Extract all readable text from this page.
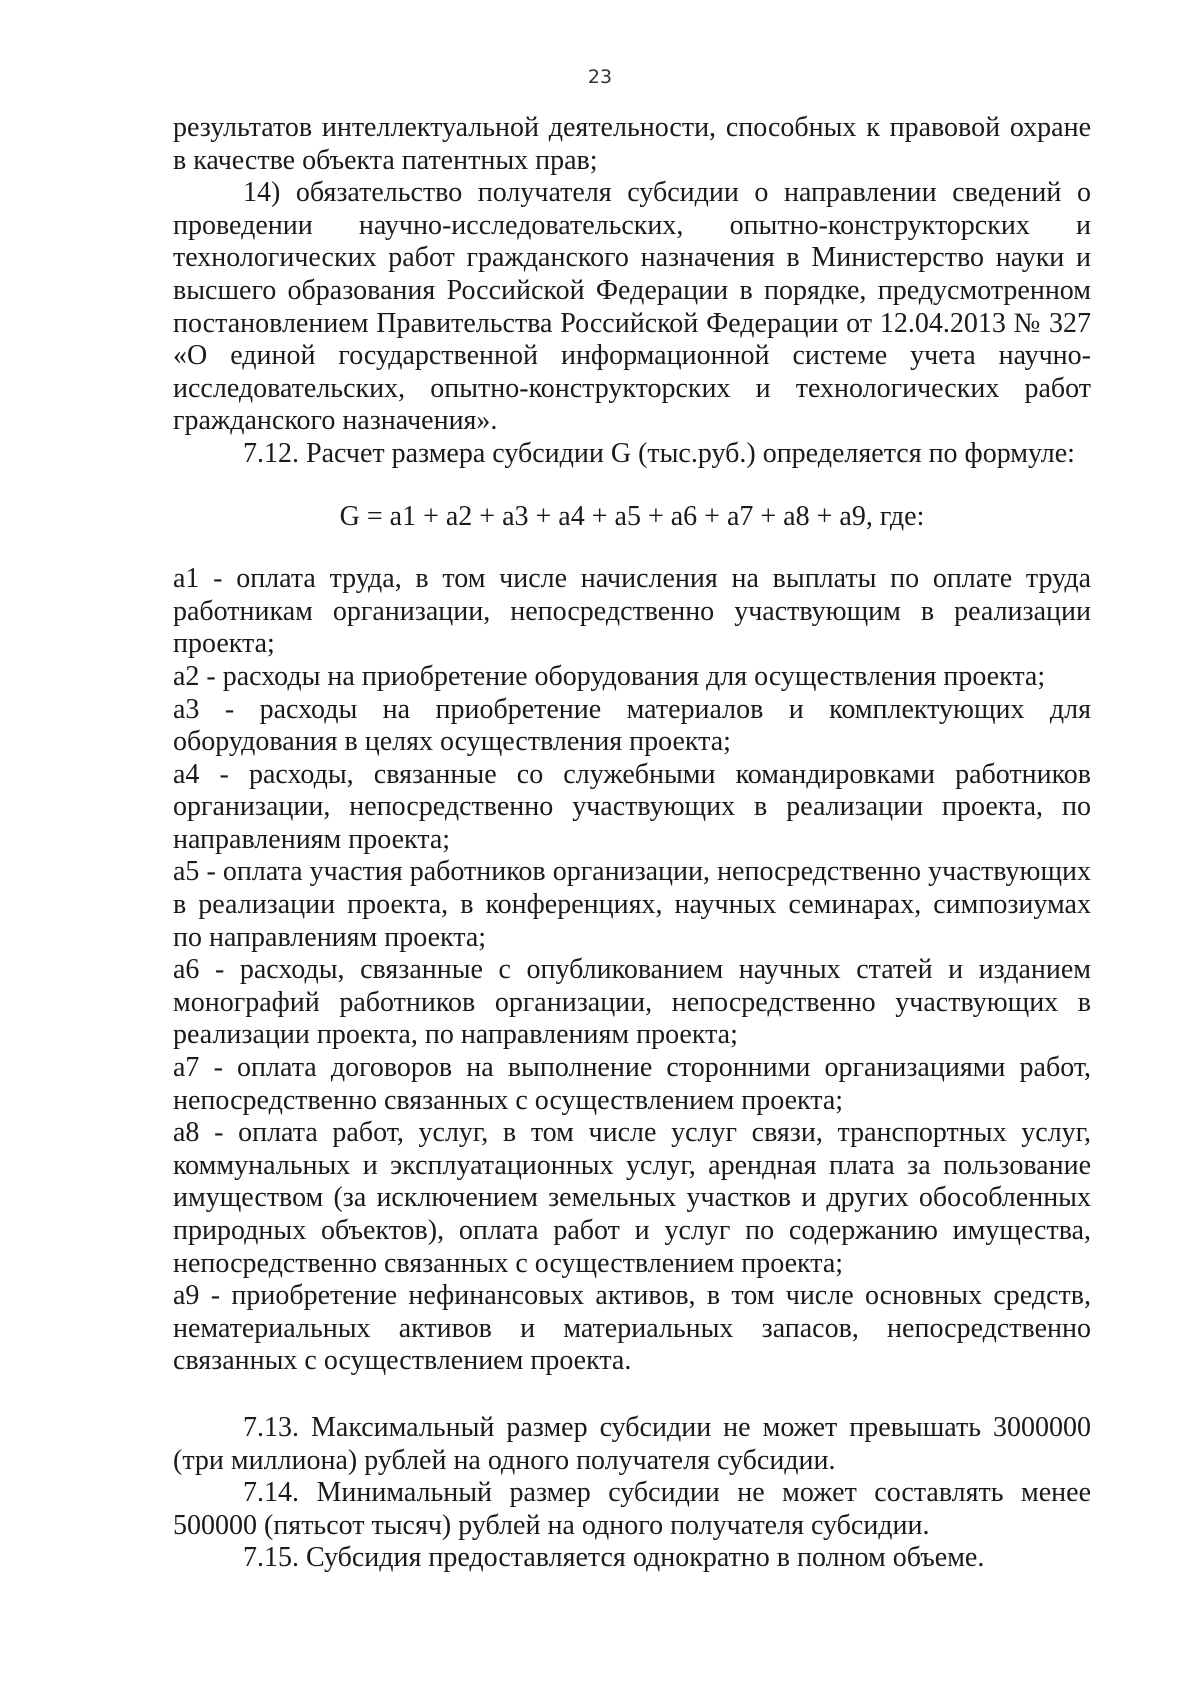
23

результатов интеллектуальной деятельности, способных к правовой охране в качестве объекта патентных прав;

14) обязательство получателя субсидии о направлении сведений о проведении научно-исследовательских, опытно-конструкторских и технологических работ гражданского назначения в Министерство науки и высшего образования Российской Федерации в порядке, предусмотренном постановлением Правительства Российской Федерации от 12.04.2013 № 327 «О единой государственной информационной системе учета научно-исследовательских, опытно-конструкторских и технологических работ гражданского назначения».

7.12. Расчет размера субсидии G (тыс.руб.) определяется по формуле:

G = a1 + a2 + a3 + a4 + a5 + a6 + a7 + a8 + a9, где:

а1 - оплата труда, в том числе начисления на выплаты по оплате труда работникам организации, непосредственно участвующим в реализации проекта;

а2 - расходы на приобретение оборудования для осуществления проекта;

а3 - расходы на приобретение материалов и комплектующих для оборудования в целях осуществления проекта;

а4 - расходы, связанные со служебными командировками работников организации, непосредственно участвующих в реализации проекта, по направлениям проекта;

а5 - оплата участия работников организации, непосредственно участвующих в реализации проекта, в конференциях, научных семинарах, симпозиумах по направлениям проекта;

а6 - расходы, связанные с опубликованием научных статей и изданием монографий работников организации, непосредственно участвующих в реализации проекта, по направлениям проекта;

а7 - оплата договоров на выполнение сторонними организациями работ, непосредственно связанных с осуществлением проекта;

а8 - оплата работ, услуг, в том числе услуг связи, транспортных услуг, коммунальных и эксплуатационных услуг, арендная плата за пользование имуществом (за исключением земельных участков и других обособленных природных объектов), оплата работ и услуг по содержанию имущества, непосредственно связанных с осуществлением проекта;

а9 - приобретение нефинансовых активов, в том числе основных средств, нематериальных активов и материальных запасов, непосредственно связанных с осуществлением проекта.

7.13. Максимальный размер субсидии не может превышать 3000000 (три миллиона) рублей на одного получателя субсидии.

7.14. Минимальный размер субсидии не может составлять менее 500000 (пятьсот тысяч) рублей на одного получателя субсидии.

7.15. Субсидия предоставляется однократно в полном объеме.
